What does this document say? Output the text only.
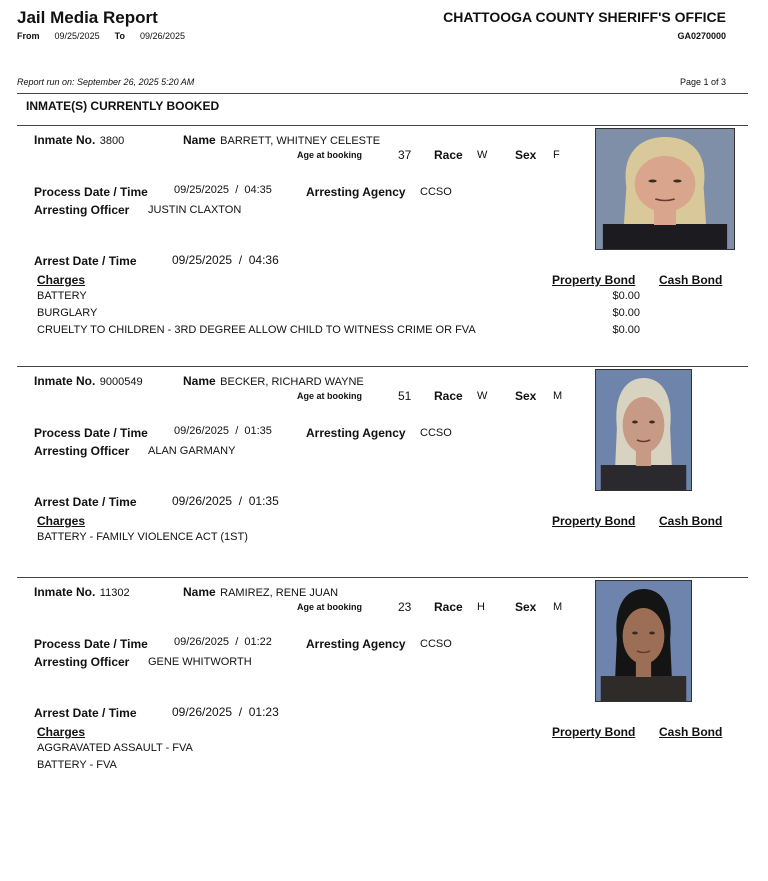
Jail Media Report	CHATTOOGA COUNTY SHERIFF'S OFFICE
GA0270000
From 09/25/2025 To 09/26/2025
Report run on: September 26, 2025 5:20 AM	Page 1 of 3
INMATE(S) CURRENTLY BOOKED
Inmate No. 3800	Name BARRETT, WHITNEY CELESTE
Age at booking	37 Race W Sex F
Process Date / Time 09/25/2025 / 04:35	Arresting Agency CCSO
Arresting Officer JUSTIN CLAXTON
Arrest Date / Time	09/25/2025 / 04:36
Charges	Property Bond Cash Bond
BATTERY	$0.00
BURGLARY	$0.00
CRUELTY TO CHILDREN - 3RD DEGREE ALLOW CHILD TO WITNESS CRIME OR FVA	$0.00
Inmate No. 9000549	Name BECKER, RICHARD WAYNE
Age at booking	51 Race W Sex M
Process Date / Time 09/26/2025 / 01:35	Arresting Agency CCSO
Arresting Officer ALAN GARMANY
Arrest Date / Time	09/26/2025 / 01:35
Charges	Property Bond Cash Bond
BATTERY - FAMILY VIOLENCE ACT (1ST)
Inmate No. 11302	Name RAMIREZ, RENE JUAN
Age at booking	23 Race H	Sex M
Process Date / Time 09/26/2025 / 01:22	Arresting Agency CCSO
Arresting Officer GENE WHITWORTH
Arrest Date / Time	09/26/2025 / 01:23
Charges	Property Bond Cash Bond
AGGRAVATED ASSAULT - FVA
BATTERY - FVA
